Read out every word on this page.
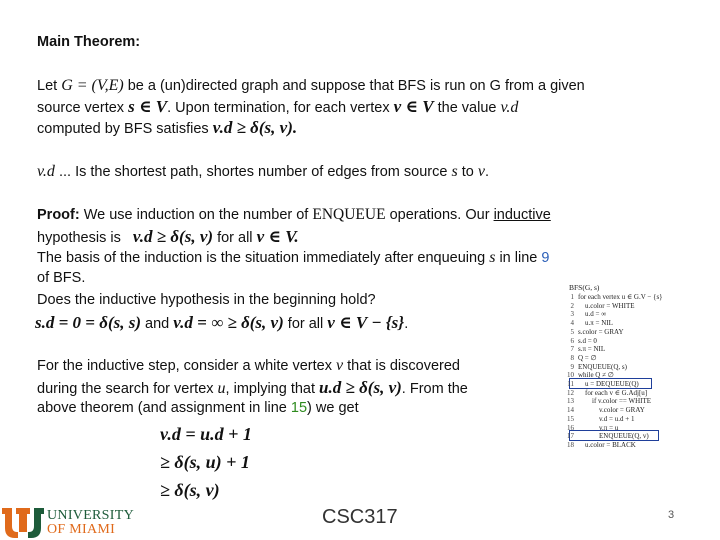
Main Theorem:
Let G = (V,E) be a (un)directed graph and suppose that BFS is run on G from a given
source vertex s ∈ V. Upon termination, for each vertex v ∈ V the value v.d
computed by BFS satisfies v.d ≥ δ(s, v).
v.d ... Is the shortest path, shortes number of edges from source s to v.
Proof: We use induction on the number of ENQUEUE operations. Our inductive
hypothesis is v.d ≥ δ(s, v) for all v ∈ V.
The basis of the induction is the situation immediately after enqueuing s in line 9
of BFS.
Does the inductive hypothesis in the beginning hold?
s.d = 0 = δ(s, s) and v.d = ∞ ≥ δ(s, v) for all v ∈ V − {s}.
For the inductive step, consider a white vertex v that is discovered
during the search for vertex u, implying that u.d ≥ δ(s, v). From the
above theorem (and assignment in line 15) we get
v.d = u.d + 1
≥ δ(s, u) + 1
≥ δ(s, v)
BFS(G, s)
1 for each vertex u ∈ G.V − {s}
2    u.color = WHITE
3    u.d = ∞
4    u.π = NIL
5 s.color = GRAY
6 s.d = 0
7 s.π = NIL
8 Q = ∅
9 ENQUEUE(Q, s)
10 while Q ≠ ∅
11    u = DEQUEUE(Q)
12    for each v ∈ G.Adj[u]
13        if v.color == WHITE
14            v.color = GRAY
15            v.d = u.d + 1
16            v.π = u
17            ENQUEUE(Q, v)
18    u.color = BLACK
UNIVERSITY
OF MIAMI
CSC317	3
